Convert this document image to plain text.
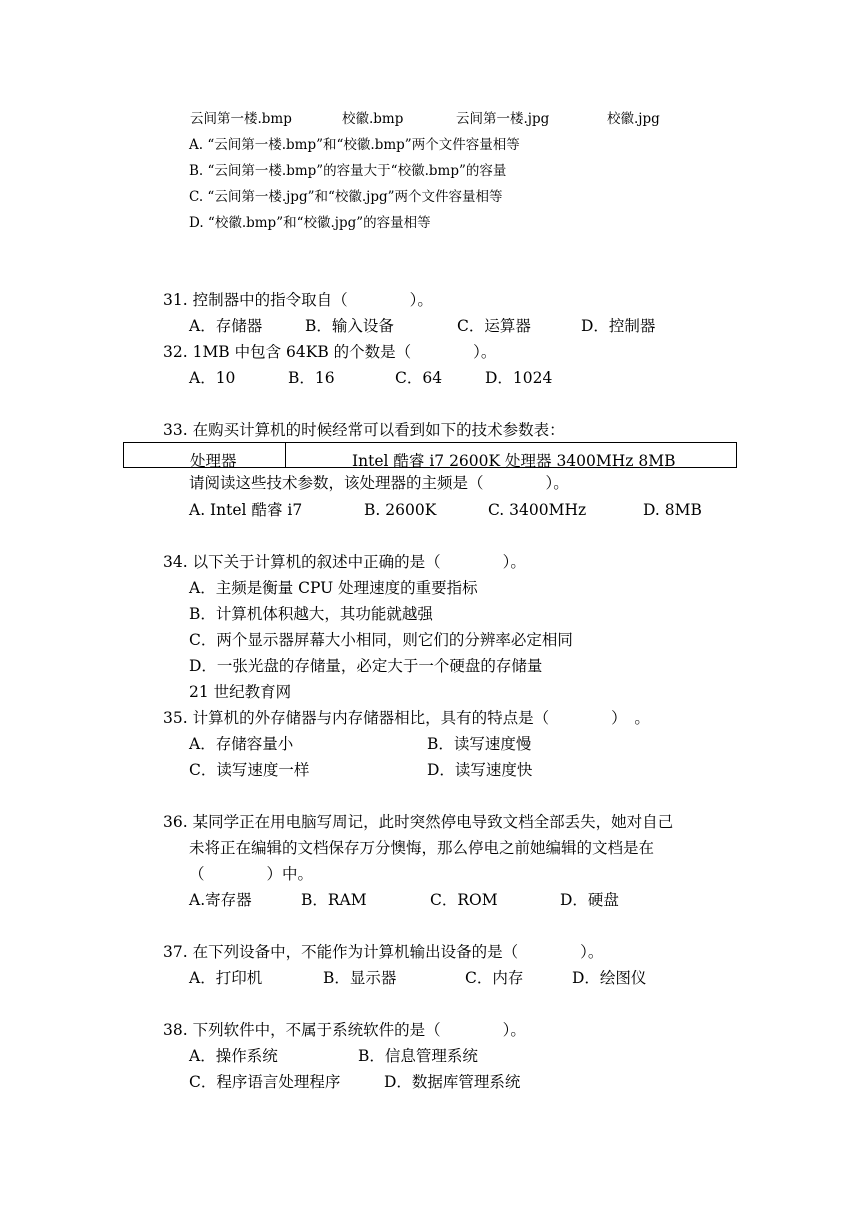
云间第一楼.bmp	校徽.bmp	云间第一楼.jpg	校徽.jpg
A. “云间第一楼.bmp”和“校徽.bmp”两个文件容量相等
B. “云间第一楼.bmp”的容量大于“校徽.bmp”的容量
C. “云间第一楼.jpg”和“校徽.jpg”两个文件容量相等
D. “校徽.bmp”和“校徽.jpg”的容量相等
31. 控制器中的指令取自（　　　　）。
A．存储器	B．输入设备	C．运算器	D．控制器
32. 1MB 中包含 64KB 的个数是（　　　　）。
A．10	B．16	C．64	D．1024
33. 在购买计算机的时候经常可以看到如下的技术参数表：
处理器	Intel 酷睿 i7 2600K 处理器 3400MHz 8MB
请阅读这些技术参数，该处理器的主频是（　　　　）。
A. Intel 酷睿 i7	B. 2600K	C. 3400MHz	D. 8MB
34. 以下关于计算机的叙述中正确的是（　　　　）。
A．主频是衡量 CPU 处理速度的重要指标
B．计算机体积越大，其功能就越强
C．两个显示器屏幕大小相同，则它们的分辨率必定相同
D．一张光盘的存储量，必定大于一个硬盘的存储量
21 世纪教育网
35. 计算机的外存储器与内存储器相比，具有的特点是（　　　　）　。
A．存储容量小	B．读写速度慢
C．读写速度一样	D．读写速度快
36. 某同学正在用电脑写周记，此时突然停电导致文档全部丢失，她对自己
未将正在编辑的文档保存万分懊悔，那么停电之前她编辑的文档是在
（　　　　）中。
A.寄存器	B．RAM	C．ROM	D．硬盘
37. 在下列设备中，不能作为计算机输出设备的是（　　　　）。
A．打印机	B．显示器	C．内存	D．绘图仪
38. 下列软件中，不属于系统软件的是（　　　　）。
A．操作系统	B．信息管理系统
C．程序语言处理程序	D．数据库管理系统
